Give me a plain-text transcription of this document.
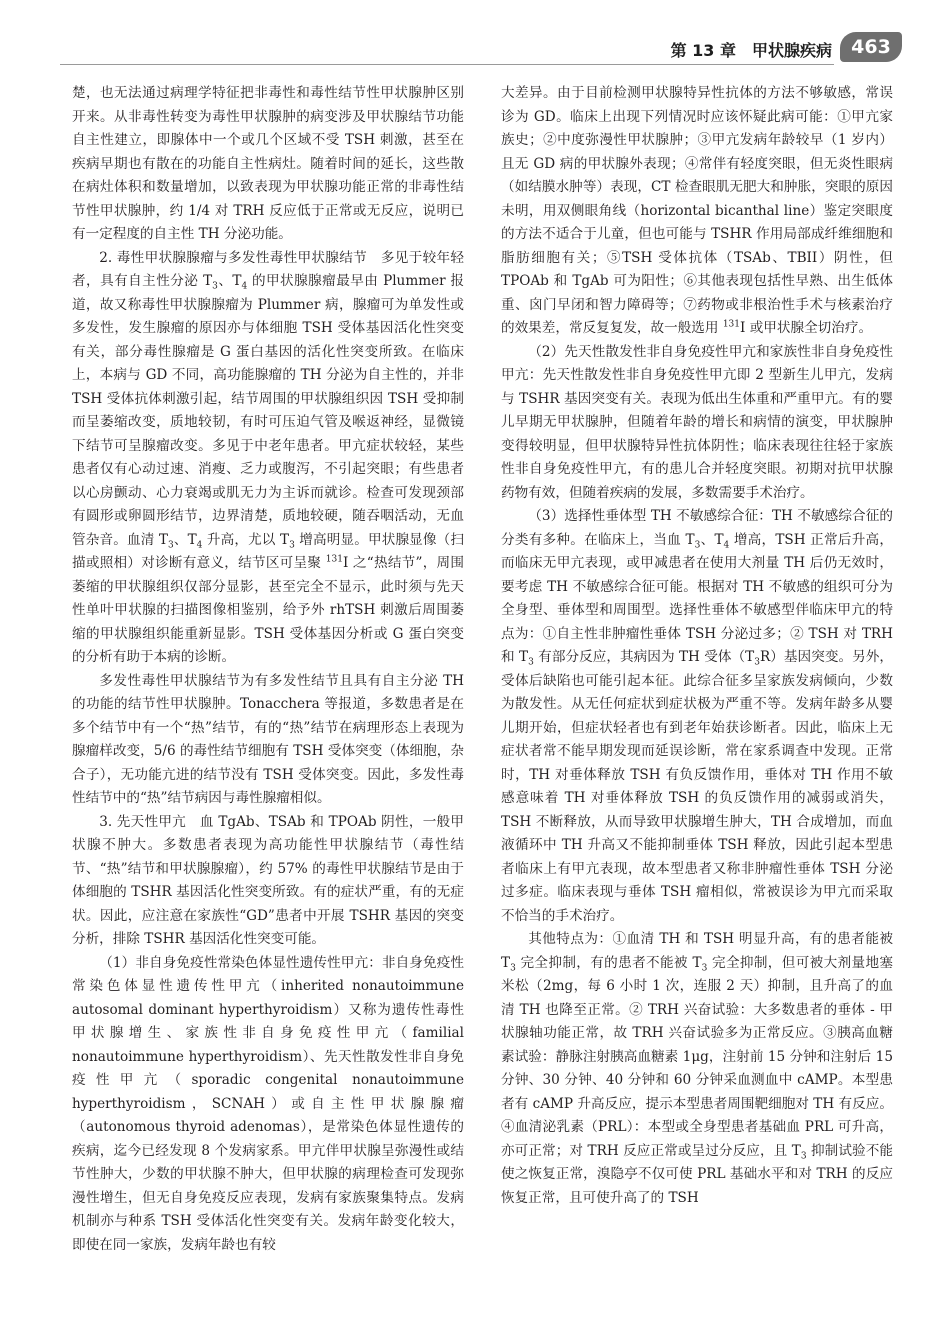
第 13 章　甲状腺疾病	463

楚，也无法通过病理学特征把非毒性和毒性结节性甲状腺肿区别开来。从非毒性转变为毒性甲状腺肿的病变涉及甲状腺结节功能自主性建立，即腺体中一个或几个区域不受 TSH 刺激，甚至在疾病早期也有散在的功能自主性病灶。随着时间的延长，这些散在病灶体积和数量增加，以致表现为甲状腺功能正常的非毒性结节性甲状腺肿，约 1/4 对 TRH 反应低于正常或无反应，说明已有一定程度的自主性 TH 分泌功能。

2. 毒性甲状腺腺瘤与多发性毒性甲状腺结节　多见于较年轻者，具有自主性分泌 $T_3$、$T_4$ 的甲状腺腺瘤最早由 Plummer 报道，故又称毒性甲状腺腺瘤为 Plummer 病，腺瘤可为单发性或多发性，发生腺瘤的原因亦与体细胞 TSH 受体基因活化性突变有关，部分毒性腺瘤是 G 蛋白基因的活化性突变所致。在临床上，本病与 GD 不同，高功能腺瘤的 TH 分泌为自主性的，并非 TSH 受体抗体刺激引起，结节周围的甲状腺组织因 TSH 受抑制而呈萎缩改变，质地较韧，有时可压迫气管及喉返神经，显微镜下结节可呈腺瘤改变。多见于中老年患者。甲亢症状较轻，某些患者仅有心动过速、消瘦、乏力或腹泻，不引起突眼；有些患者以心房颤动、心力衰竭或肌无力为主诉而就诊。检查可发现颈部有圆形或卵圆形结节，边界清楚，质地较硬，随吞咽活动，无血管杂音。血清 $T_3$、$T_4$ 升高，尤以 $T_3$ 增高明显。甲状腺显像（扫描或照相）对诊断有意义，结节区可呈聚 $^{131}$I 之“热结节”，周围萎缩的甲状腺组织仅部分显影，甚至完全不显示，此时须与先天性单叶甲状腺的扫描图像相鉴别，给予外 rhTSH 刺激后周围萎缩的甲状腺组织能重新显影。TSH 受体基因分析或 G 蛋白突变的分析有助于本病的诊断。

多发性毒性甲状腺结节为有多发性结节且具有自主分泌 TH 的功能的结节性甲状腺肿。Tonacchera 等报道，多数患者是在多个结节中有一个“热”结节，有的“热”结节在病理形态上表现为腺瘤样改变，5/6 的毒性结节细胞有 TSH 受体突变（体细胞，杂合子），无功能亢进的结节没有 TSH 受体突变。因此，多发性毒性结节中的“热”结节病因与毒性腺瘤相似。

3. 先天性甲亢　血 TgAb、TSAb 和 TPOAb 阴性，一般甲状腺不肿大。多数患者表现为高功能性甲状腺结节（毒性结节、“热”结节和甲状腺腺瘤），约 57% 的毒性甲状腺结节是由于体细胞的 TSHR 基因活化性突变所致。有的症状严重，有的无症状。因此，应注意在家族性“GD”患者中开展 TSHR 基因的突变分析，排除 TSHR 基因活化性突变可能。

（1）非自身免疫性常染色体显性遗传性甲亢：非自身免疫性常染色体显性遗传性甲亢（inherited nonautoimmune autosomal dominant hyperthyroidism）又称为遗传性毒性甲状腺增生、家族性非自身免疫性甲亢（familial nonautoimmune hyperthyroidism）、先天性散发性非自身免疫性甲亢（sporadic congenital nonautoimmune hyperthyroidism，SCNAH）或自主性甲状腺腺瘤（autonomous thyroid adenomas），是常染色体显性遗传的疾病，迄今已经发现 8 个发病家系。甲亢伴甲状腺呈弥漫性或结节性肿大，少数的甲状腺不肿大，但甲状腺的病理检查可发现弥漫性增生，但无自身免疫反应表现，发病有家族聚集特点。发病机制亦与种系 TSH 受体活化性突变有关。发病年龄变化较大，即使在同一家族，发病年龄也有较

大差异。由于目前检测甲状腺特异性抗体的方法不够敏感，常误诊为 GD。临床上出现下列情况时应该怀疑此病可能：①甲亢家族史；②中度弥漫性甲状腺肿；③甲亢发病年龄较早（1 岁内）且无 GD 病的甲状腺外表现；④常伴有轻度突眼，但无炎性眼病（如结膜水肿等）表现，CT 检查眼肌无肥大和肿胀，突眼的原因未明，用双侧眼角线（horizontal bicanthal line）鉴定突眼度的方法不适合于儿童，但也可能与 TSHR 作用局部成纤维细胞和脂肪细胞有关；⑤TSH 受体抗体（TSAb、TBII）阴性，但 TPOAb 和 TgAb 可为阳性；⑥其他表现包括性早熟、出生低体重、囟门早闭和智力障碍等；⑦药物或非根治性手术与核素治疗的效果差，常反复复发，故一般选用 $^{131}$I 或甲状腺全切治疗。

（2）先天性散发性非自身免疫性甲亢和家族性非自身免疫性甲亢：先天性散发性非自身免疫性甲亢即 2 型新生儿甲亢，发病与 TSHR 基因突变有关。表现为低出生体重和严重甲亢。有的婴儿早期无甲状腺肿，但随着年龄的增长和病情的演变，甲状腺肿变得较明显，但甲状腺特异性抗体阴性；临床表现往往轻于家族性非自身免疫性甲亢，有的患儿合并轻度突眼。初期对抗甲状腺药物有效，但随着疾病的发展，多数需要手术治疗。

（3）选择性垂体型 TH 不敏感综合征：TH 不敏感综合征的分类有多种。在临床上，当血 $T_3$、$T_4$ 增高，TSH 正常后升高，而临床无甲亢表现，或甲减患者在使用大剂量 TH 后仍无效时，要考虑 TH 不敏感综合征可能。根据对 TH 不敏感的组织可分为全身型、垂体型和周围型。选择性垂体不敏感型伴临床甲亢的特点为：①自主性非肿瘤性垂体 TSH 分泌过多；② TSH 对 TRH 和 $T_3$ 有部分反应，其病因为 TH 受体$(T_3R)$基因突变。另外，受体后缺陷也可能引起本征。此综合征多呈家族发病倾向，少数为散发性。从无任何症状到症状极为严重不等。发病年龄多从婴儿期开始，但症状轻者也有到老年始获诊断者。因此，临床上无症状者常不能早期发现而延误诊断，常在家系调查中发现。正常时，TH 对垂体释放 TSH 有负反馈作用，垂体对 TH 作用不敏感意味着 TH 对垂体释放 TSH 的负反馈作用的减弱或消失，TSH 不断释放，从而导致甲状腺增生肿大，TH 合成增加，而血液循环中 TH 升高又不能抑制垂体 TSH 释放，因此引起本型患者临床上有甲亢表现，故本型患者又称非肿瘤性垂体 TSH 分泌过多症。临床表现与垂体 TSH 瘤相似，常被误诊为甲亢而采取不恰当的手术治疗。

其他特点为：①血清 TH 和 TSH 明显升高，有的患者能被 $T_3$ 完全抑制，有的患者不能被 $T_3$ 完全抑制，但可被大剂量地塞米松（2mg，每 6 小时 1 次，连服 2 天）抑制，且升高了的血清 TH 也降至正常。② TRH 兴奋试验：大多数患者的垂体 - 甲状腺轴功能正常，故 TRH 兴奋试验多为正常反应。③胰高血糖素试验：静脉注射胰高血糖素 1μg，注射前 15 分钟和注射后 15 分钟、30 分钟、40 分钟和 60 分钟采血测血中 cAMP。本型患者有 cAMP 升高反应，提示本型患者周围靶细胞对 TH 有反应。④血清泌乳素（PRL）：本型或全身型患者基础血 PRL 可升高，亦可正常；对 TRH 反应正常或呈过分反应，且 $T_3$ 抑制试验不能使之恢复正常，溴隐亭不仅可使 PRL 基础水平和对 TRH 的反应恢复正常，且可使升高了的 TSH
